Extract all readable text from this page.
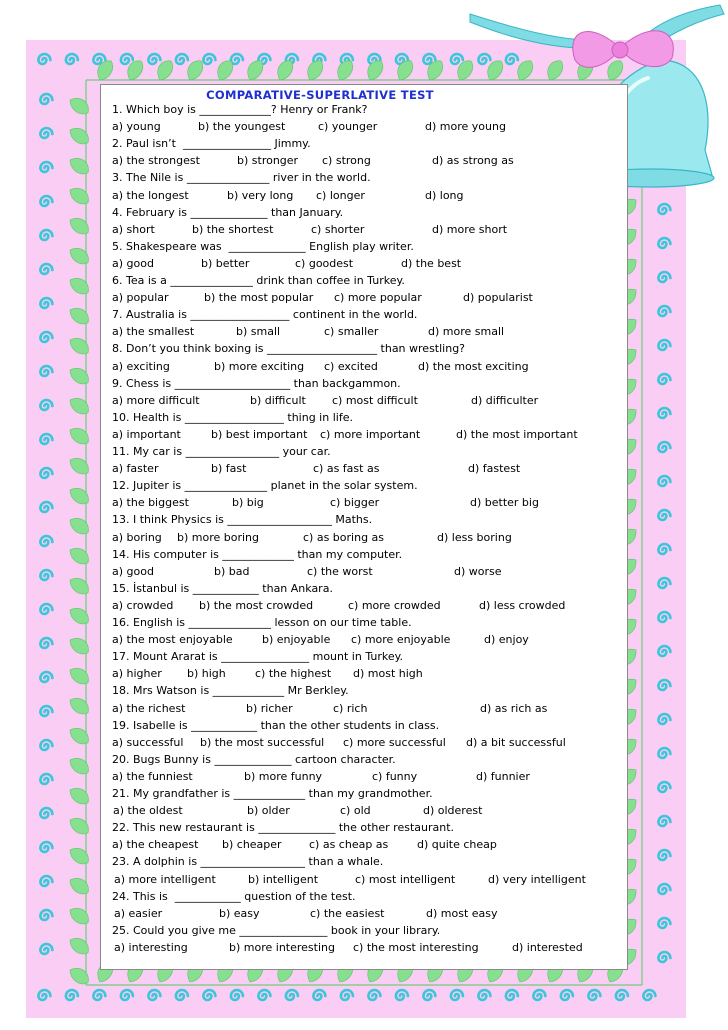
COMPARATIVE-SUPERLATIVE TEST
1. Which boy is _____________? Henry or Frank?
a) young	b) the youngest	c) younger	d) more young
2. Paul isn’t  ________________ Jimmy.
a) the strongest	b) stronger c) strong	d) as strong as
3. The Nile is _______________ river in the world.
a) the longest	b) very long c) longer	d) long
4. February is ______________ than January.
a) short	b) the shortest	c) shorter	d) more short
5. Shakespeare was  ______________ English play writer.
a) good	b) better	c) goodest	d) the best
6. Tea is a _______________ drink than coffee in Turkey.
a) popular	b) the most popular c) more popular	d) popularist
7. Australia is __________________ continent in the world.
a) the smallest	b) small	c) smaller	d) more small
8. Don’t you think boxing is ____________________ than wrestling?
a) exciting	b) more exciting c) excited	d) the most exciting
9. Chess is _____________________ than backgammon.
a) more difficult	b) difficult c) most difficult	d) difficulter
10. Health is __________________ thing in life.
a) important	b) best important c) more important	d) the most important
11. My car is _________________ your car.
a) faster	b) fast	c) as fast as	d) fastest
12. Jupiter is _______________ planet in the solar system.
a) the biggest	b) big	c) bigger	d) better big
13. I think Physics is ___________________ Maths.
a) boring b) more boring	c) as boring as	d) less boring
14. His computer is _____________ than my computer.
a) good	b) bad	c) the worst	d) worse
15. İstanbul is ____________ than Ankara.
a) crowded b) the most crowded	c) more crowded	d) less crowded
16. English is _______________ lesson on our time table.
a) the most enjoyable	b) enjoyable c) more enjoyable	d) enjoy
17. Mount Ararat is ________________ mount in Turkey.
a) higher b) high	c) the highest d) most high
18. Mrs Watson is _____________ Mr Berkley.
a) the richest	b) richer	c) rich	d) as rich as
19. Isabelle is ____________ than the other students in class.
a) successful b) the most successful c) more successful d) a bit successful
20. Bugs Bunny is ______________ cartoon character.
a) the funniest	b) more funny	c) funny	d) funnier
21. My grandfather is _____________ than my grandmother.
a) the oldest	b) older	c) old	d) olderest
22. This new restaurant is ______________ the other restaurant.
a) the cheapest b) cheaper c) as cheap as	d) quite cheap
23. A dolphin is ___________________ than a whale.
a) more intelligent	b) intelligent	c) most intelligent	d) very intelligent
24. This is  ____________ question of the test.
a) easier	b) easy	c) the easiest	d) most easy
25. Could you give me ________________ book in your library.
a) interesting	b) more interesting c) the most interesting	d) interested
